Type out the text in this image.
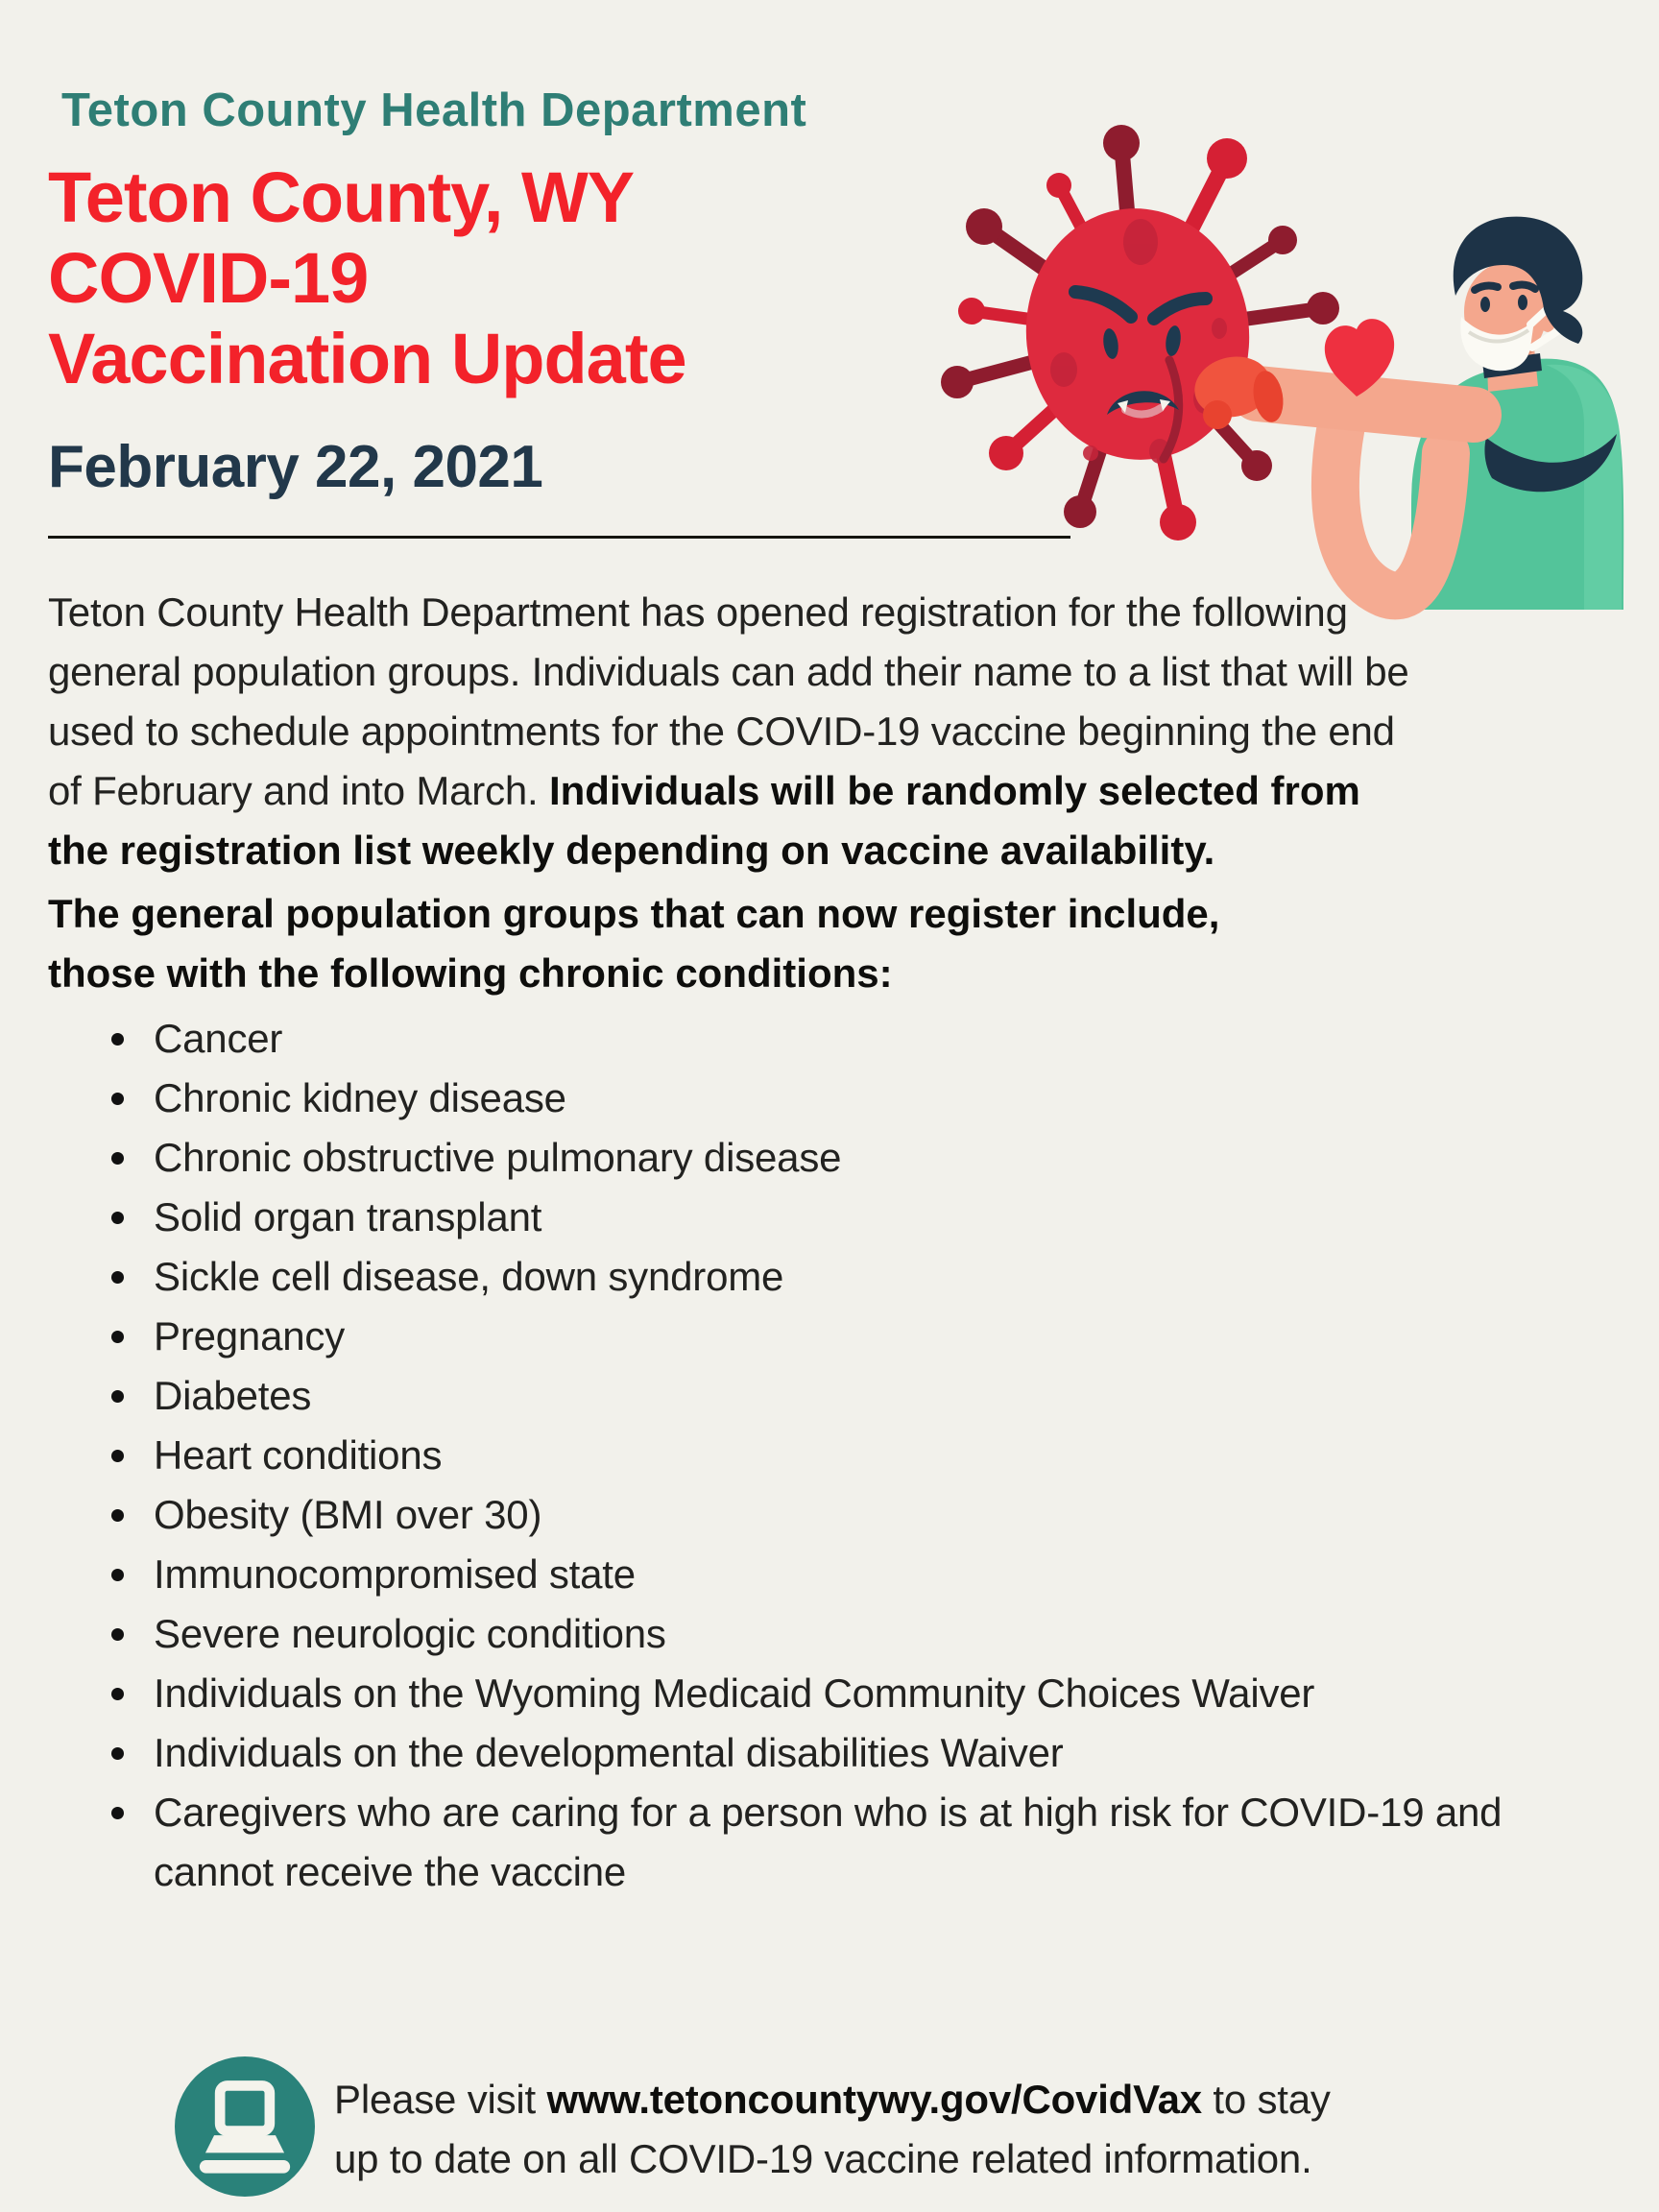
Teton County Health Department
Teton County, WY
COVID-19
Vaccination Update
February 22, 2021

Teton County Health Department has opened registration for the following general population groups. Individuals can add their name to a list that will be used to schedule appointments for the COVID-19 vaccine beginning the end of February and into March. Individuals will be randomly selected from the registration list weekly depending on vaccine availability.

The general population groups that can now register include,
those with the following chronic conditions:
Cancer
Chronic kidney disease
Chronic obstructive pulmonary disease
Solid organ transplant
Sickle cell disease, down syndrome
Pregnancy
Diabetes
Heart conditions
Obesity (BMI over 30)
Immunocompromised state
Severe neurologic conditions
Individuals on the Wyoming Medicaid Community Choices Waiver
Individuals on the developmental disabilities Waiver
Caregivers who are caring for a person who is at high risk for COVID-19 and cannot receive the vaccine

Please visit www.tetoncountywy.gov/CovidVax to stay
up to date on all COVID-19 vaccine related information.
